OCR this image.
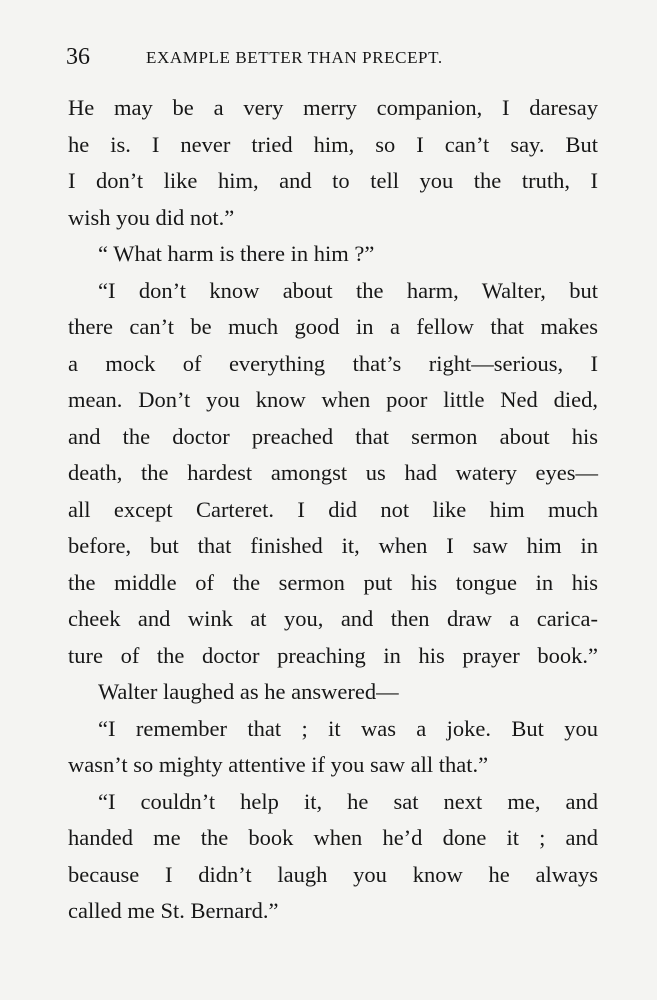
36	EXAMPLE BETTER THAN PRECEPT.
He may be a very merry companion, I daresay
he is. I never tried him, so I can’t say. But
I don’t like him, and to tell you the truth, I
wish you did not.”
“ What harm is there in him ?”
“I don’t know about the harm, Walter, but
there can’t be much good in a fellow that makes
a mock of everything that’s right—serious, I
mean. Don’t you know when poor little Ned died,
and the doctor preached that sermon about his
death, the hardest amongst us had watery eyes—
all except Carteret. I did not like him much
before, but that finished it, when I saw him in
the middle of the sermon put his tongue in his
cheek and wink at you, and then draw a carica-
ture of the doctor preaching in his prayer book.”
Walter laughed as he answered—
“I remember that ; it was a joke. But you
wasn’t so mighty attentive if you saw all that.”
“I couldn’t help it, he sat next me, and
handed me the book when he’d done it ; and
because I didn’t laugh you know he always
called me St. Bernard.”
